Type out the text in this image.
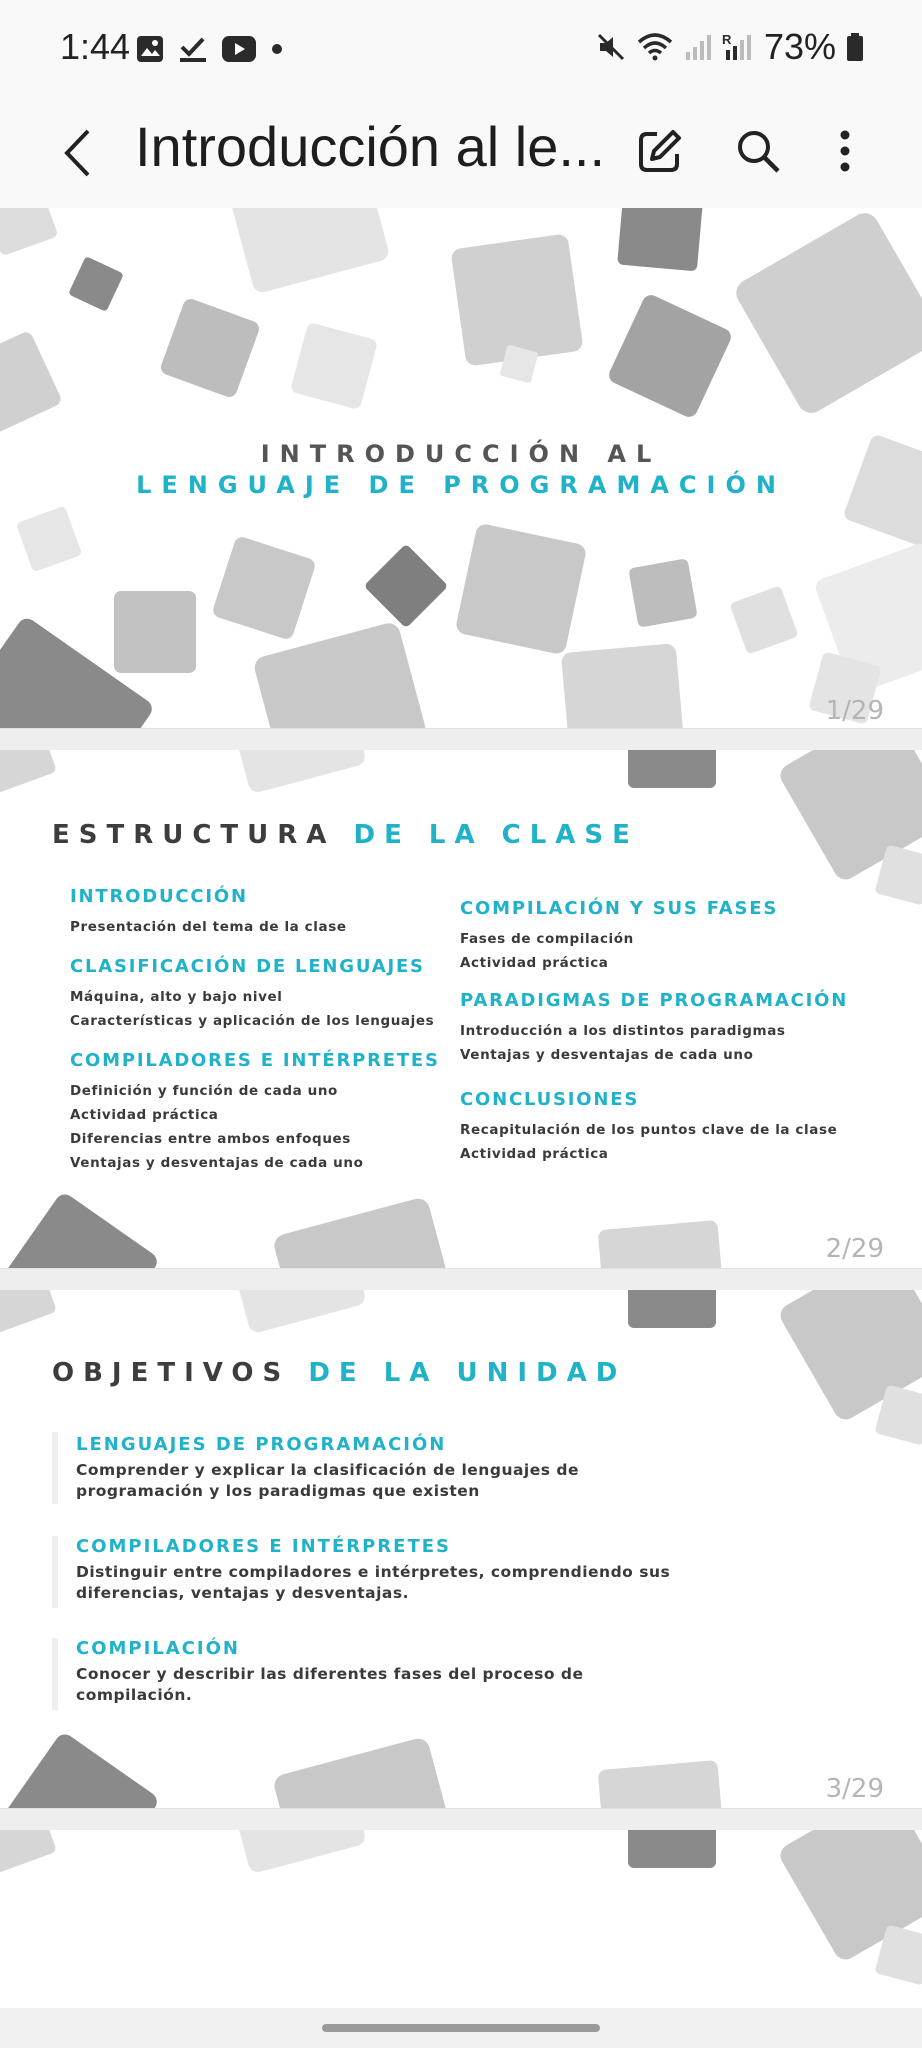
1:44	R 73%
Introducción al le...
INTRODUCCIÓN AL
LENGUAJE DE PROGRAMACIÓN
1/29
ESTRUCTURA DE LA CLASE
INTRODUCCIÓN
Presentación del tema de la clase
CLASIFICACIÓN DE LENGUAJES
Máquina, alto y bajo nivel
Características y aplicación de los lenguajes
COMPILADORES E INTÉRPRETES
Definición y función de cada uno
Actividad práctica
Diferencias entre ambos enfoques
Ventajas y desventajas de cada uno
COMPILACIÓN Y SUS FASES
Fases de compilación
Actividad práctica
PARADIGMAS DE PROGRAMACIÓN
Introducción a los distintos paradigmas
Ventajas y desventajas de cada uno
CONCLUSIONES
Recapitulación de los puntos clave de la clase
Actividad práctica
2/29
OBJETIVOS DE LA UNIDAD
LENGUAJES DE PROGRAMACIÓN
Comprender y explicar la clasificación de lenguajes de
programación y los paradigmas que existen
COMPILADORES E INTÉRPRETES
Distinguir entre compiladores e intérpretes, comprendiendo sus
diferencias, ventajas y desventajas.
COMPILACIÓN
Conocer y describir las diferentes fases del proceso de
compilación.
3/29
